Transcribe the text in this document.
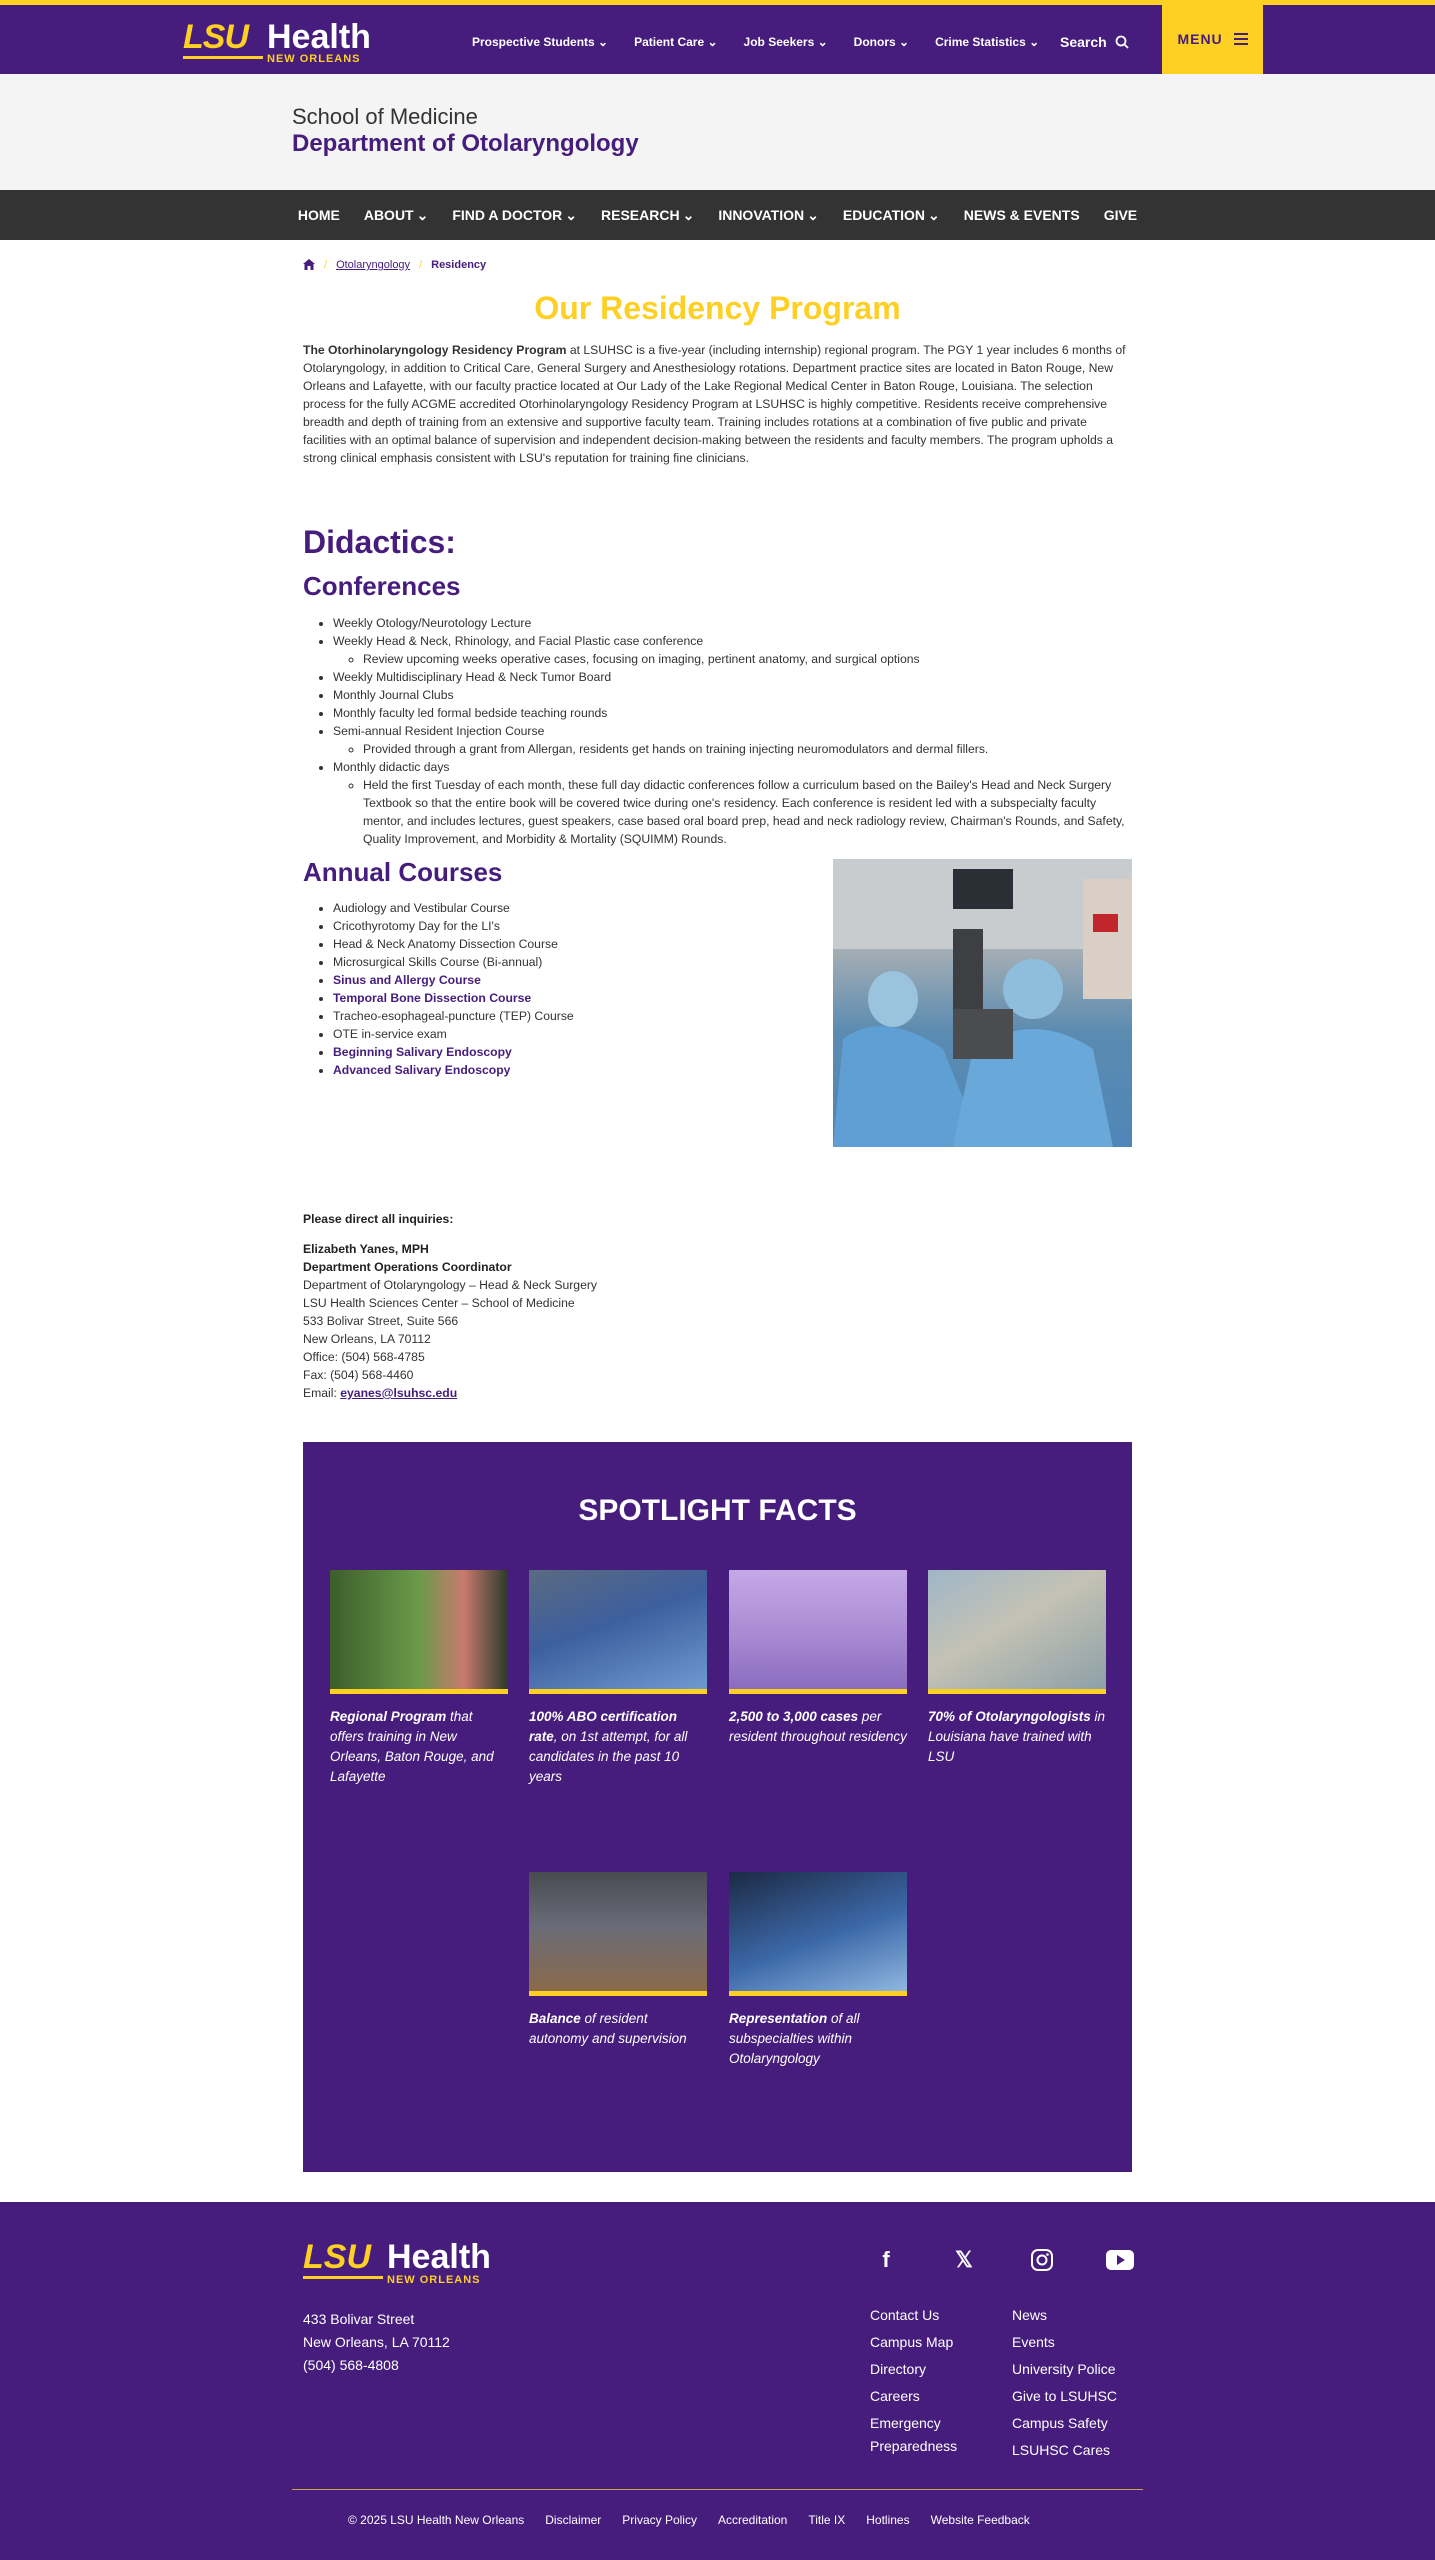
LSU Health
NEW ORLEANS
Prospective Students ⌄ Patient Care ⌄ Job Seekers ⌄ Donors ⌄ Crime Statistics ⌄ Search	MENU
School of Medicine
Department of Otolaryngology
HOME ABOUT ⌄ FIND A DOCTOR ⌄ RESEARCH ⌄ INNOVATION ⌄ EDUCATION ⌄ NEWS & EVENTS GIVE
/ Otolaryngology / Residency
Our Residency Program

The Otorhinolaryngology Residency Program at LSUHSC is a five-year (including internship) regional program. The PGY 1 year includes 6 months of Otolaryngology, in addition to Critical Care, General Surgery and Anesthesiology rotations. Department practice sites are located in Baton Rouge, New Orleans and Lafayette, with our faculty practice located at Our Lady of the Lake Regional Medical Center in Baton Rouge, Louisiana. The selection process for the fully ACGME accredited Otorhinolaryngology Residency Program at LSUHSC is highly competitive. Residents receive comprehensive breadth and depth of training from an extensive and supportive faculty team. Training includes rotations at a combination of five public and private facilities with an optimal balance of supervision and independent decision-making between the residents and faculty members. The program upholds a strong clinical emphasis consistent with LSU's reputation for training fine clinicians.

Didactics:
Conferences
• Weekly Otology/Neurotology Lecture
• Weekly Head & Neck, Rhinology, and Facial Plastic case conference
◦ Review upcoming weeks operative cases, focusing on imaging, pertinent anatomy, and surgical options
• Weekly Multidisciplinary Head & Neck Tumor Board
• Monthly Journal Clubs
• Monthly faculty led formal bedside teaching rounds
• Semi-annual Resident Injection Course
◦ Provided through a grant from Allergan, residents get hands on training injecting neuromodulators and dermal fillers.
• Monthly didactic days
◦ Held the first Tuesday of each month, these full day didactic conferences follow a curriculum based on the Bailey's Head and Neck Surgery Textbook so that the entire book will be covered twice during one's residency. Each conference is resident led with a subspecialty faculty mentor, and includes lectures, guest speakers, case based oral board prep, head and neck radiology review, Chairman's Rounds, and Safety, Quality Improvement, and Morbidity & Mortality (SQUIMM) Rounds.
Annual Courses
• Audiology and Vestibular Course
• Cricothyrotomy Day for the LI's
• Head & Neck Anatomy Dissection Course
• Microsurgical Skills Course (Bi-annual)
• Sinus and Allergy Course
• Temporal Bone Dissection Course
• Tracheo-esophageal-puncture (TEP) Course
• OTE in-service exam
• Beginning Salivary Endoscopy
• Advanced Salivary Endoscopy
Please direct all inquiries:
Elizabeth Yanes, MPH
Department Operations Coordinator
Department of Otolaryngology – Head & Neck Surgery
LSU Health Sciences Center – School of Medicine
533 Bolivar Street, Suite 566
New Orleans, LA 70112
Office: (504) 568-4785
Fax: (504) 568-4460
Email: eyanes@lsuhsc.edu
SPOTLIGHT FACTS

Regional Program that offers training in New Orleans, Baton Rouge, and Lafayette

100% ABO certification rate, on 1st attempt, for all candidates in the past 10 years

2,500 to 3,000 cases per resident throughout residency

70% of Otolaryngologists in Louisiana have trained with LSU

Balance of resident autonomy and supervision

Representation of all subspecialties within Otolaryngology

LSU Health
NEW ORLEANS
433 Bolivar Street
New Orleans, LA 70112
(504) 568-4808
f	𝕏
Contact Us
Campus Map
Directory
Careers
Emergency
Preparedness
News
Events
University Police
Give to LSUHSC
Campus Safety
LSUHSC Cares
© 2025 LSU Health New Orleans Disclaimer Privacy Policy Accreditation Title IX Hotlines Website Feedback
